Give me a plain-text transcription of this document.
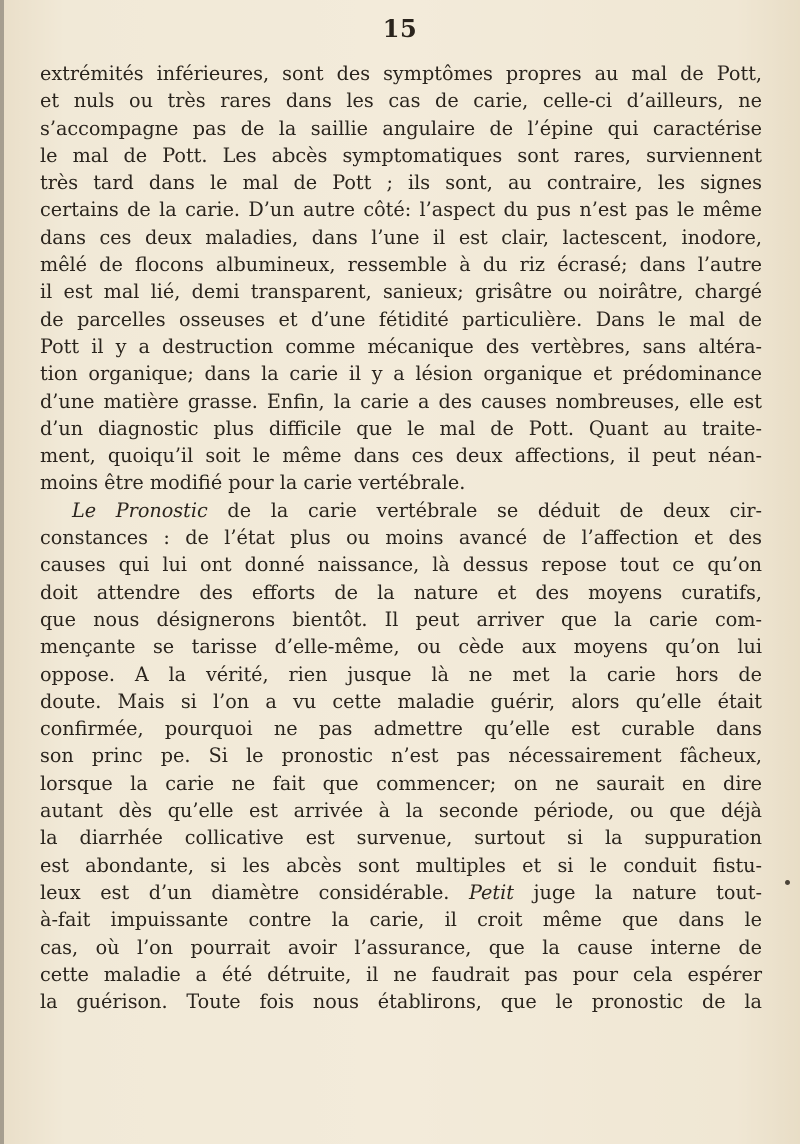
15
extrémités inférieures, sont des symptômes propres au mal de Pott,
et nuls ou très rares dans les cas de carie, celle-ci d’ailleurs, ne
s’accompagne pas de la saillie angulaire de l’épine qui caractérise
le mal de Pott. Les abcès symptomatiques sont rares, surviennent
très tard dans le mal de Pott ; ils sont, au contraire, les signes
certains de la carie. D’un autre côté: l’aspect du pus n’est pas le même
dans ces deux maladies, dans l’une il est clair, lactescent, inodore,
mêlé de flocons albumineux, ressemble à du riz écrasé; dans l’autre
il est mal lié, demi transparent, sanieux; grisâtre ou noirâtre, chargé
de parcelles osseuses et d’une fétidité particulière. Dans le mal de
Pott il y a destruction comme mécanique des vertèbres, sans altéra-
tion organique; dans la carie il y a lésion organique et prédominance
d’une matière grasse. Enfin, la carie a des causes nombreuses, elle est
d’un diagnostic plus difficile que le mal de Pott. Quant au traite-
ment, quoiqu’il soit le même dans ces deux affections, il peut néan-
moins être modifié pour la carie vertébrale.
Le Pronostic de la carie vertébrale se déduit de deux cir-
constances : de l’état plus ou moins avancé de l’affection et des
causes qui lui ont donné naissance, là dessus repose tout ce qu’on
doit attendre des efforts de la nature et des moyens curatifs,
que nous désignerons bientôt. Il peut arriver que la carie com-
mençante se tarisse d’elle-même, ou cède aux moyens qu’on lui
oppose. A la vérité, rien jusque là ne met la carie hors de
doute. Mais si l’on a vu cette maladie guérir, alors qu’elle était
confirmée, pourquoi ne pas admettre qu’elle est curable dans
son princ pe. Si le pronostic n’est pas nécessairement fâcheux,
lorsque la carie ne fait que commencer; on ne saurait en dire
autant dès qu’elle est arrivée à la seconde période, ou que déjà
la diarrhée collicative est survenue, surtout si la suppuration
est abondante, si les abcès sont multiples et si le conduit fistu-
leux est d’un diamètre considérable. Petit juge la nature tout-
à-fait impuissante contre la carie, il croit même que dans le
cas, où l’on pourrait avoir l’assurance, que la cause interne de
cette maladie a été détruite, il ne faudrait pas pour cela espérer
la guérison. Toute fois nous établirons, que le pronostic de la
